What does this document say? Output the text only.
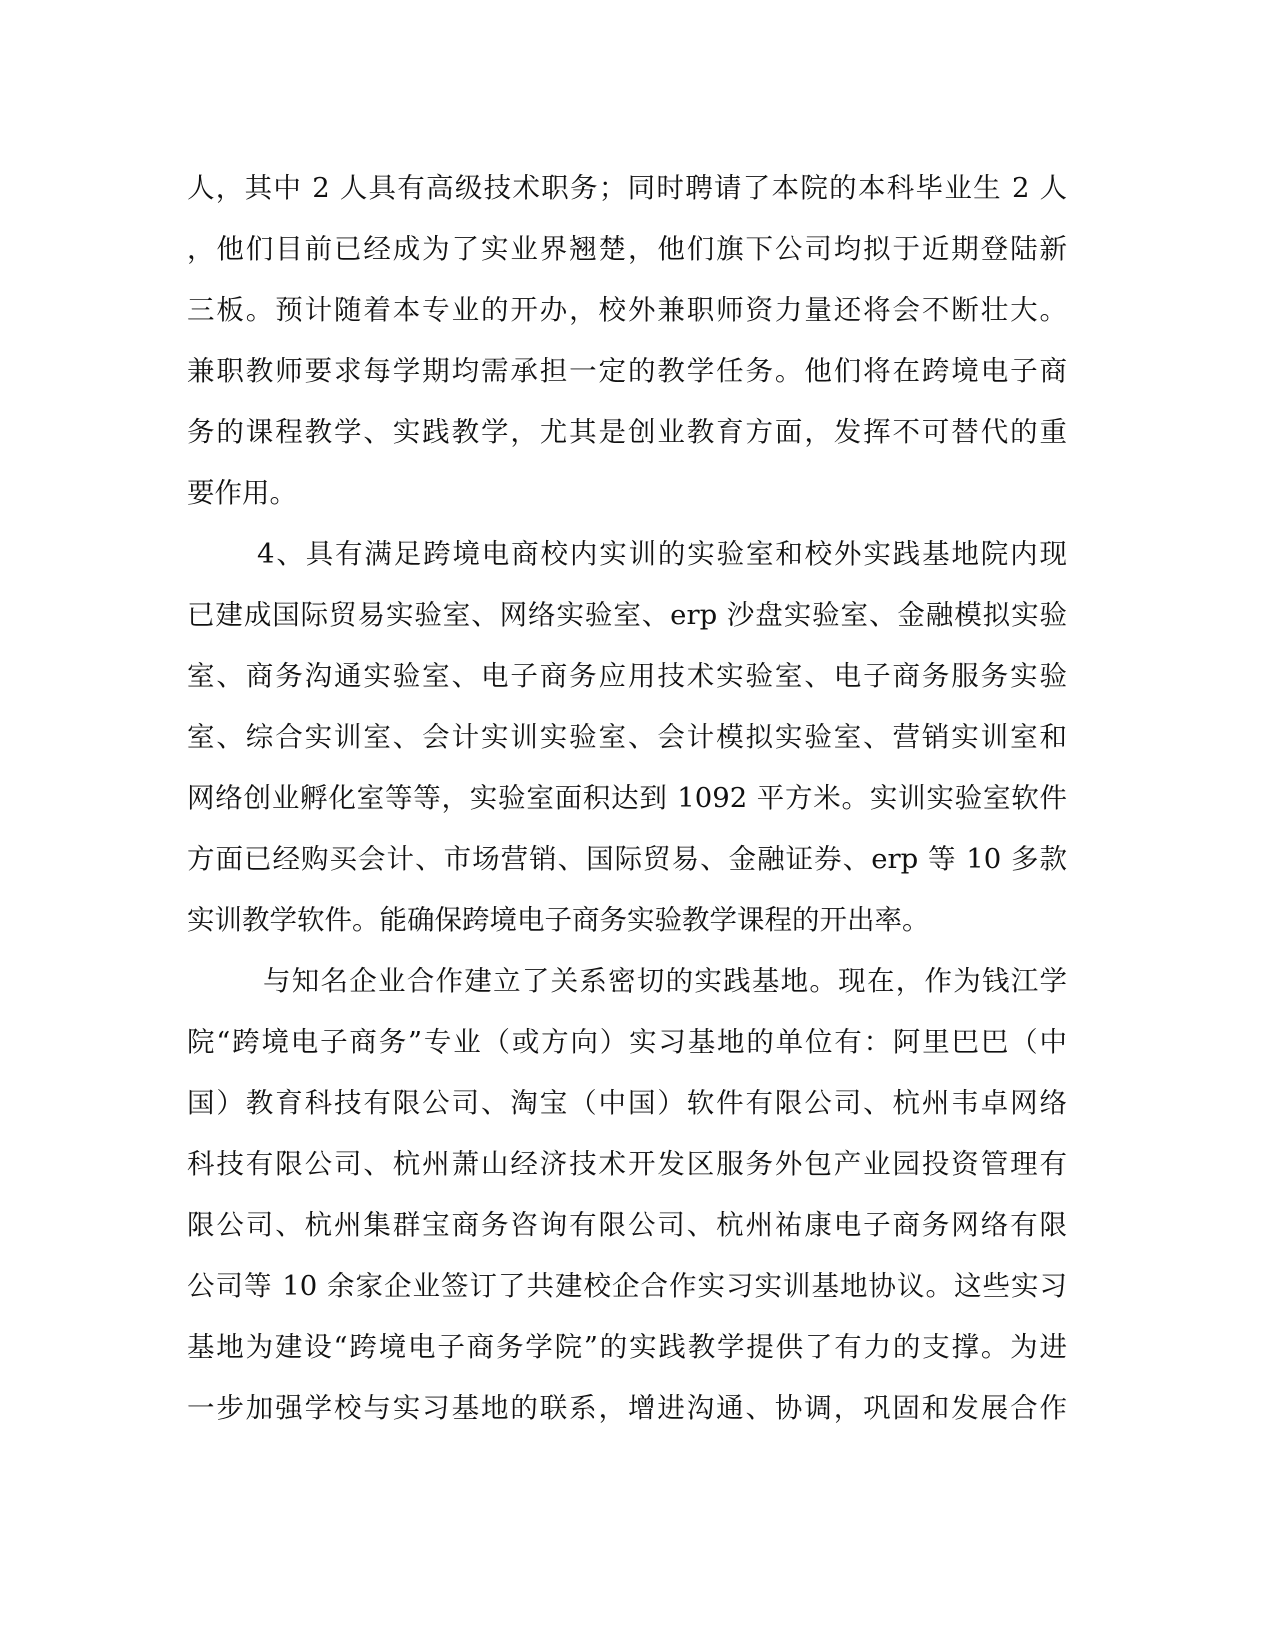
人，其中 2 人具有高级技术职务；同时聘请了本院的本科毕业生 2 人
，他们目前已经成为了实业界翘楚，他们旗下公司均拟于近期登陆新
三板。预计随着本专业的开办，校外兼职师资力量还将会不断壮大。
兼职教师要求每学期均需承担一定的教学任务。他们将在跨境电子商
务的课程教学、实践教学，尤其是创业教育方面，发挥不可替代的重
要作用。
4、具有满足跨境电商校内实训的实验室和校外实践基地院内现
已建成国际贸易实验室、网络实验室、erp 沙盘实验室、金融模拟实验
室、商务沟通实验室、电子商务应用技术实验室、电子商务服务实验
室、综合实训室、会计实训实验室、会计模拟实验室、营销实训室和
网络创业孵化室等等，实验室面积达到 1092 平方米。实训实验室软件
方面已经购买会计、市场营销、国际贸易、金融证券、erp 等 10 多款
实训教学软件。能确保跨境电子商务实验教学课程的开出率。
与知名企业合作建立了关系密切的实践基地。现在，作为钱江学
院“跨境电子商务”专业（或方向）实习基地的单位有：阿里巴巴（中
国）教育科技有限公司、淘宝（中国）软件有限公司、杭州韦卓网络
科技有限公司、杭州萧山经济技术开发区服务外包产业园投资管理有
限公司、杭州集群宝商务咨询有限公司、杭州祐康电子商务网络有限
公司等 10 余家企业签订了共建校企合作实习实训基地协议。这些实习
基地为建设“跨境电子商务学院”的实践教学提供了有力的支撑。为进
一步加强学校与实习基地的联系，增进沟通、协调，巩固和发展合作
